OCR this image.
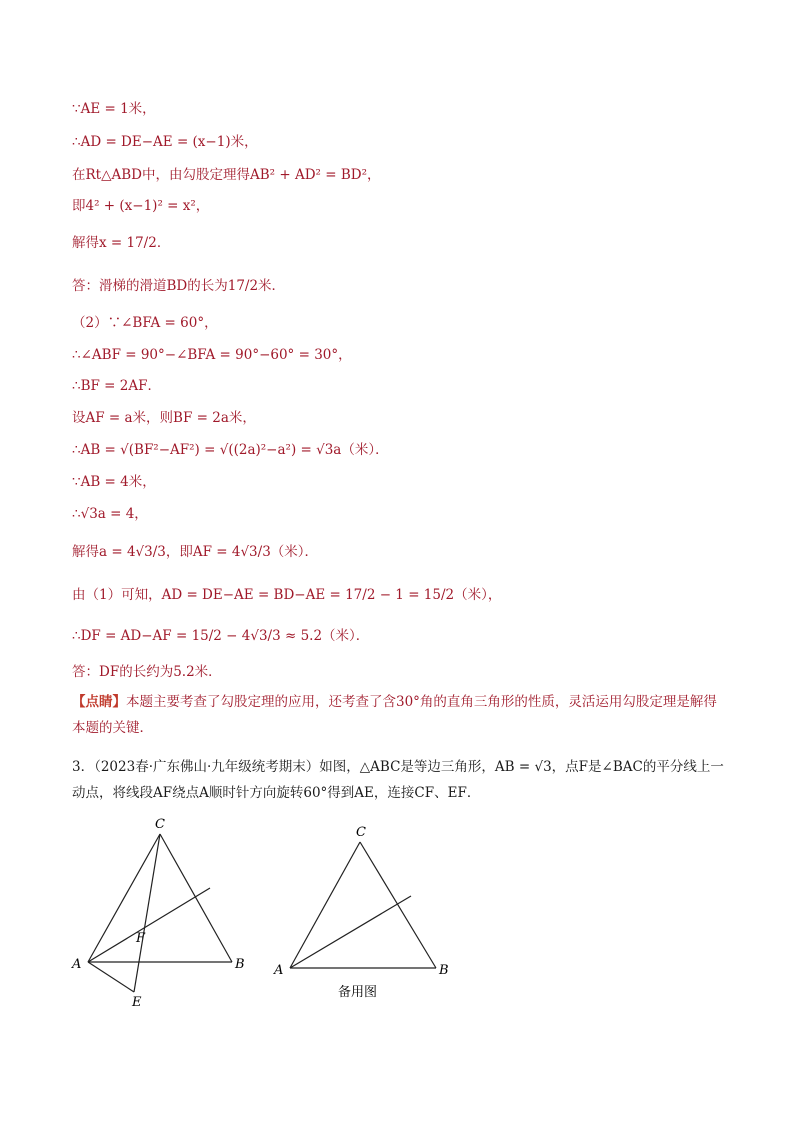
∵AE = 1米，
∴AD = DE−AE = (x−1)米，
在Rt△ABD中，由勾股定理得AB² + AD² = BD²，
即4² + (x−1)² = x²，
解得x = 17/2．
答：滑梯的滑道BD的长为17/2米．
（2）∵∠BFA = 60°，
∴∠ABF = 90°−∠BFA = 90°−60° = 30°，
∴BF = 2AF．
设AF = a米，则BF = 2a米，
∴AB = √(BF²−AF²) = √((2a)²−a²) = √3a（米）．
∵AB = 4米，
∴√3a = 4，
解得a = 4√3/3，即AF = 4√3/3（米）．
由（1）可知，AD = DE−AE = BD−AE = 17/2 − 1 = 15/2（米），
∴DF = AD−AF = 15/2 − 4√3/3 ≈ 5.2（米）．
答：DF的长约为5.2米．
【点睛】本题主要考查了勾股定理的应用，还考查了含30°角的直角三角形的性质，灵活运用勾股定理是解得本题的关键．
3．（2023春·广东佛山·九年级统考期末）如图，△ABC是等边三角形，AB = √3，点F是∠BAC的平分线上一动点，将线段AF绕点A顺时针方向旋转60°得到AE，连接CF、EF．
C
A	B
F
E
C
A	B
备用图
